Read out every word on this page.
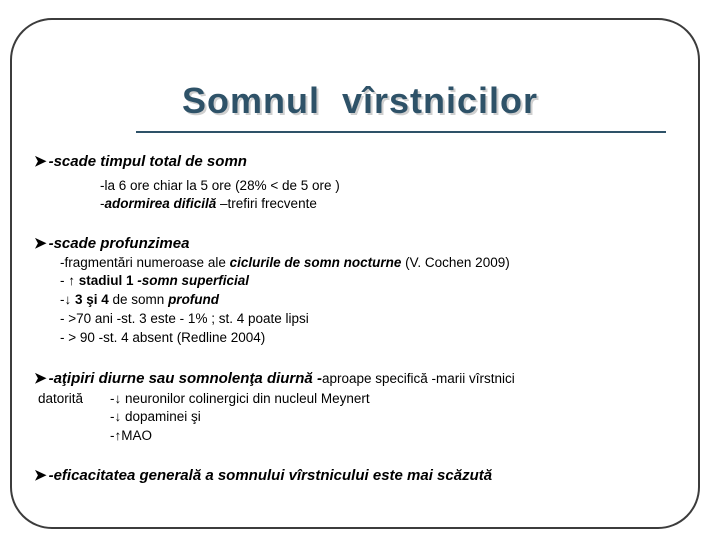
Somnul  vîrstnicilor
➤ -scade timpul total de somn
-la 6 ore chiar la 5 ore (28% < de 5 ore )
-adormirea dificilă –trefiri frecvente
➤ -scade profunzimea
-fragmentări numeroase ale ciclurile de somn nocturne (V. Cochen 2009)
- ↑ stadiul 1 -somn superficial
-↓ 3 şi 4 de somn profund
- >70 ani -st. 3 este - 1% ; st. 4 poate lipsi
- > 90 -st. 4 absent (Redline 2004)
➤ -aţipiri diurne sau somnolenţa diurnă -aproape specifică -marii vîrstnici
datorită -↓ neuronilor colinergici din nucleul Meynert
-↓ dopaminei şi
-↑MAO
➤ -eficacitatea generală a somnului vîrstnicului este mai scăzută
